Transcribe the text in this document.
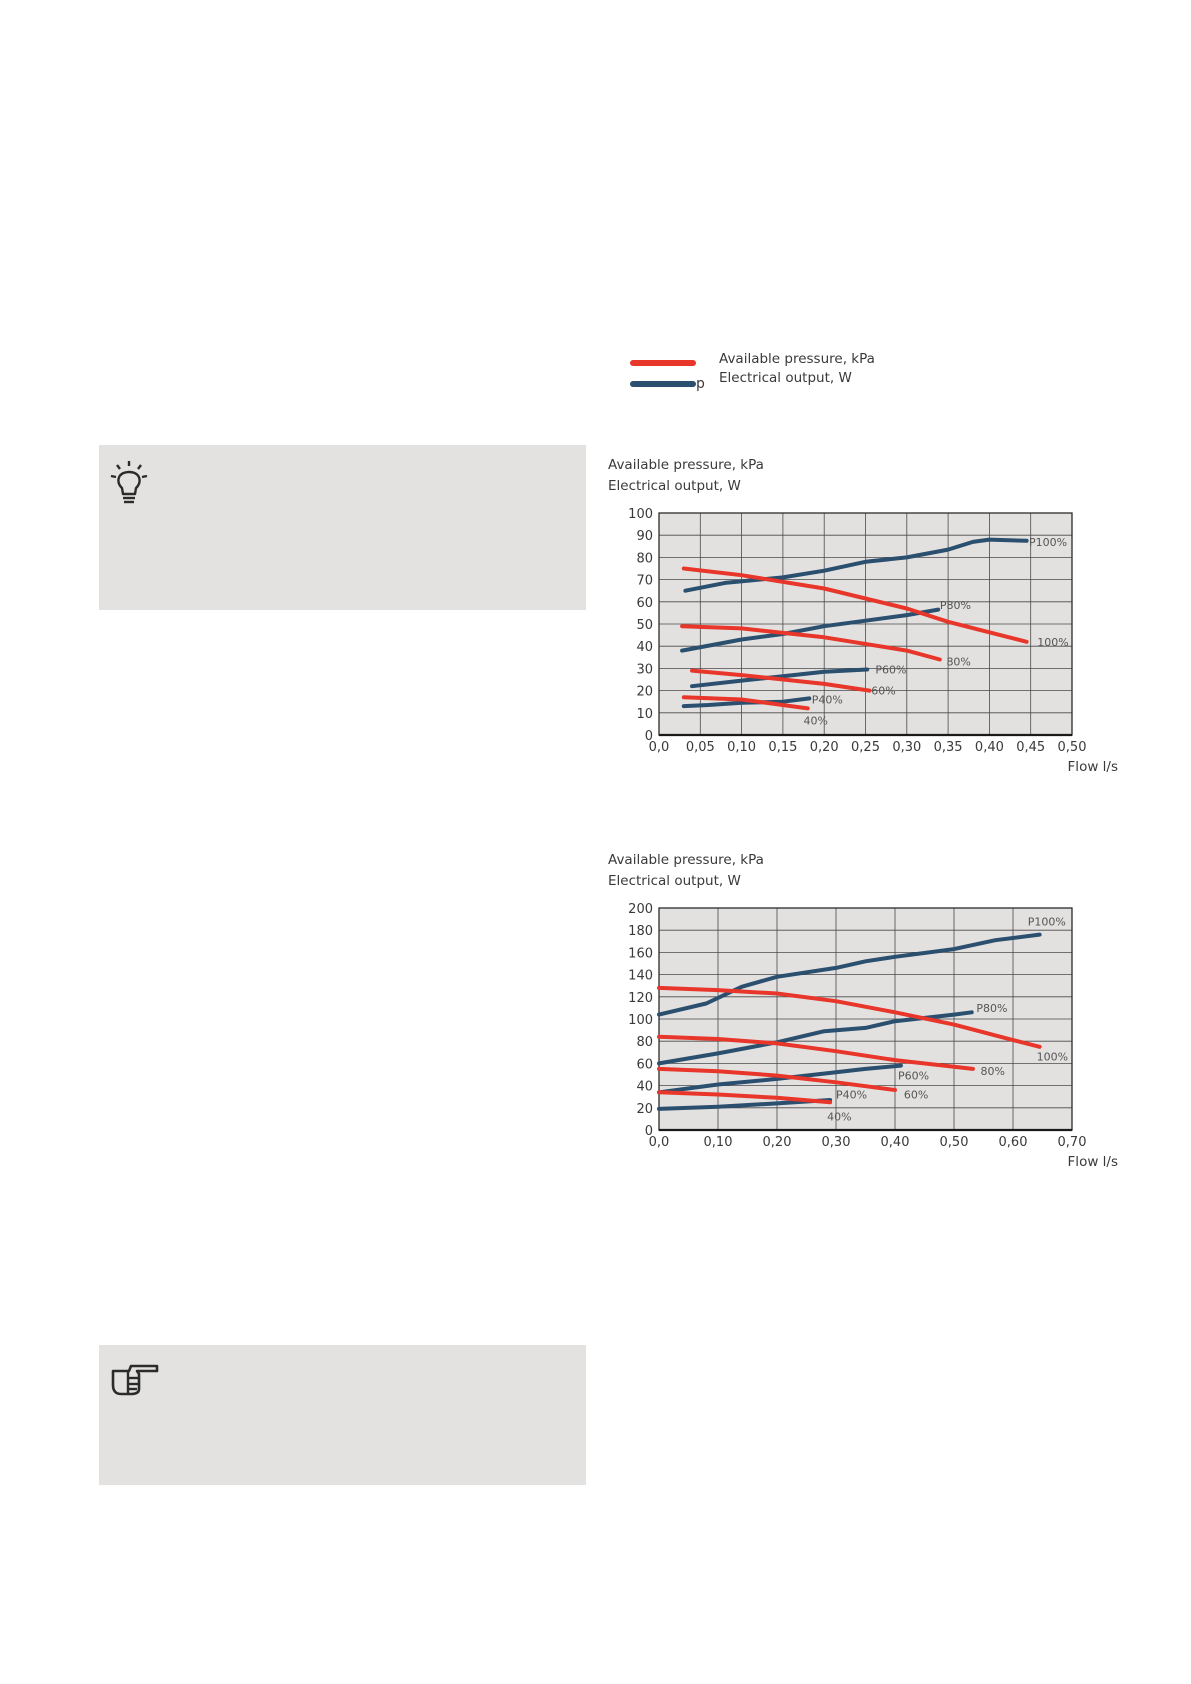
Available pressure, kPa
p Electrical output, W
Available pressure, kPa
Electrical output, W
Flow l/s
0,0 0,05 0,10 0,15 0,20 0,25 0,30 0,35 0,40 0,45 0,50
0
10
20
30
40
50
60
70
80
90
100
100%
80%
60%
40%
P100%
P80%
P60%
P40%
Available pressure, kPa
Electrical output, W
Flow l/s
0,0	0,10 0,20 0,30 0,40 0,50 0,60 0,70
0
20
40
60
80
100
120
140
160
180
200
100%
80%
60%
40%
P100%
P80%
P60%
P40%
